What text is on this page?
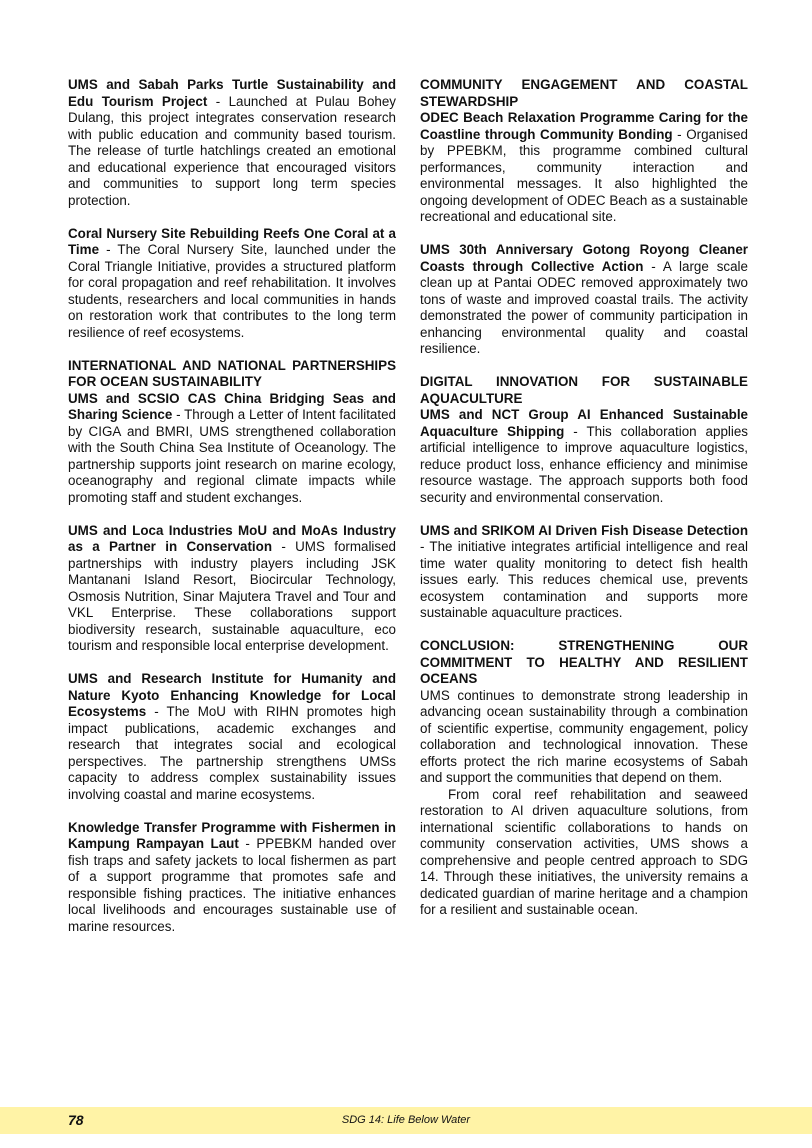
UMS and Sabah Parks Turtle Sustainability and Edu Tourism Project - Launched at Pulau Bohey Dulang, this project integrates conservation research with public education and community based tourism. The release of turtle hatchlings created an emotional and educational experience that encouraged visitors and communities to support long term species protection.

Coral Nursery Site Rebuilding Reefs One Coral at a Time - The Coral Nursery Site, launched under the Coral Triangle Initiative, provides a structured platform for coral propagation and reef rehabilitation. It involves students, researchers and local communities in hands on restoration work that contributes to the long term resilience of reef ecosystems.

INTERNATIONAL AND NATIONAL PARTNERSHIPS FOR OCEAN SUSTAINABILITY

UMS and SCSIO CAS China Bridging Seas and Sharing Science - Through a Letter of Intent facilitated by CIGA and BMRI, UMS strengthened collaboration with the South China Sea Institute of Oceanology. The partnership supports joint research on marine ecology, oceanography and regional climate impacts while promoting staff and student exchanges.

UMS and Loca Industries MoU and MoAs Industry as a Partner in Conservation - UMS formalised partnerships with industry players including JSK Mantanani Island Resort, Biocircular Technology, Osmosis Nutrition, Sinar Majutera Travel and Tour and VKL Enterprise. These collaborations support biodiversity research, sustainable aquaculture, eco tourism and responsible local enterprise development.

UMS and Research Institute for Humanity and Nature Kyoto Enhancing Knowledge for Local Ecosystems - The MoU with RIHN promotes high impact publications, academic exchanges and research that integrates social and ecological perspectives. The partnership strengthens UMSs capacity to address complex sustainability issues involving coastal and marine ecosystems.

Knowledge Transfer Programme with Fishermen in Kampung Rampayan Laut - PPEBKM handed over fish traps and safety jackets to local fishermen as part of a support programme that promotes safe and responsible fishing practices. The initiative enhances local livelihoods and encourages sustainable use of marine resources.

COMMUNITY ENGAGEMENT AND COASTAL STEWARDSHIP

ODEC Beach Relaxation Programme Caring for the Coastline through Community Bonding - Organised by PPEBKM, this programme combined cultural performances, community interaction and environmental messages. It also highlighted the ongoing development of ODEC Beach as a sustainable recreational and educational site.

UMS 30th Anniversary Gotong Royong Cleaner Coasts through Collective Action - A large scale clean up at Pantai ODEC removed approximately two tons of waste and improved coastal trails. The activity demonstrated the power of community participation in enhancing environmental quality and coastal resilience.

DIGITAL INNOVATION FOR SUSTAINABLE AQUACULTURE

UMS and NCT Group AI Enhanced Sustainable Aquaculture Shipping - This collaboration applies artificial intelligence to improve aquaculture logistics, reduce product loss, enhance efficiency and minimise resource wastage. The approach supports both food security and environmental conservation.

UMS and SRIKOM AI Driven Fish Disease Detection - The initiative integrates artificial intelligence and real time water quality monitoring to detect fish health issues early. This reduces chemical use, prevents ecosystem contamination and supports more sustainable aquaculture practices.

CONCLUSION: STRENGTHENING OUR COMMITMENT TO HEALTHY AND RESILIENT OCEANS

UMS continues to demonstrate strong leadership in advancing ocean sustainability through a combination of scientific expertise, community engagement, policy collaboration and technological innovation. These efforts protect the rich marine ecosystems of Sabah and support the communities that depend on them.

From coral reef rehabilitation and seaweed restoration to AI driven aquaculture solutions, from international scientific collaborations to hands on community conservation activities, UMS shows a comprehensive and people centred approach to SDG 14. Through these initiatives, the university remains a dedicated guardian of marine heritage and a champion for a resilient and sustainable ocean.

78	SDG 14: Life Below Water
